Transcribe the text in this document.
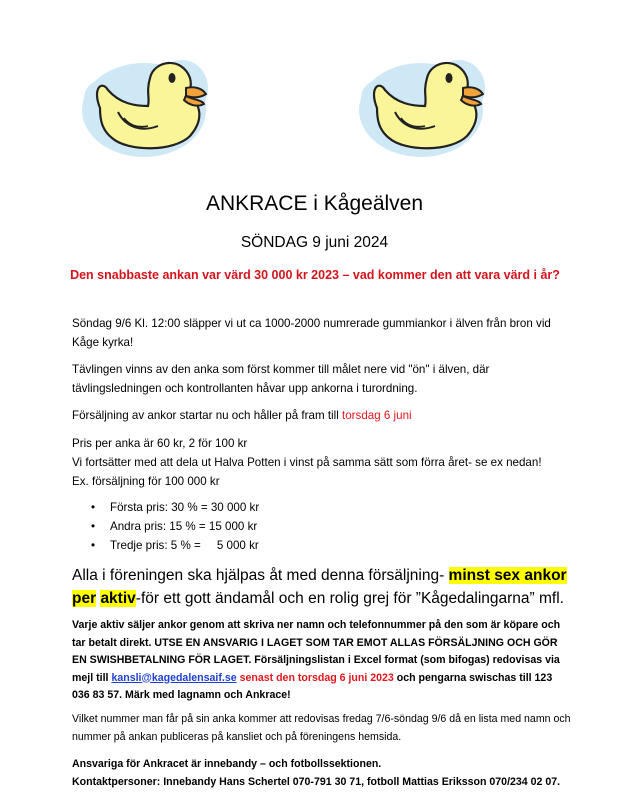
ANKRACE i Kågeälven
SÖNDAG 9 juni 2024
Den snabbaste ankan var värd 30 000 kr 2023 – vad kommer den att vara värd i år?
Söndag 9/6 Kl. 12:00 släpper vi ut ca 1000-2000 numrerade gummiankor i älven från bron vid Kåge kyrka!
Tävlingen vinns av den anka som först kommer till målet nere vid "ön" i älven, där tävlingsledningen och kontrollanten håvar upp ankorna i turordning.
Försäljning av ankor startar nu och håller på fram till torsdag 6 juni
Pris per anka är 60 kr, 2 för 100 kr
Vi fortsätter med att dela ut Halva Potten i vinst på samma sätt som förra året- se ex nedan!
Ex. försäljning för 100 000 kr
• Första pris: 30 % = 30 000 kr
• Andra pris: 15 % = 15 000 kr
• Tredje pris: 5 % =     5 000 kr
Alla i föreningen ska hjälpas åt med denna försäljning- minst sex ankor per aktiv-för ett gott ändamål och en rolig grej för ”Kågedalingarna” mfl.
Varje aktiv säljer ankor genom att skriva ner namn och telefonnummer på den som är köpare och tar betalt direkt. UTSE EN ANSVARIG I LAGET SOM TAR EMOT ALLAS FÖRSÄLJNING OCH GÖR EN SWISHBETALNING FÖR LAGET. Försäljningslistan i Excel format (som bifogas) redovisas via mejl till kansli@kagedalensaif.se senast den torsdag 6 juni 2023 och pengarna swischas till 123 036 83 57. Märk med lagnamn och Ankrace!
Vilket nummer man får på sin anka kommer att redovisas fredag 7/6-söndag 9/6 då en lista med namn och nummer på ankan publiceras på kansliet och på föreningens hemsida.
Ansvariga för Ankracet är innebandy – och fotbollssektionen.
Kontaktpersoner: Innebandy Hans Schertel 070-791 30 71, fotboll Mattias Eriksson 070/234 02 07.
